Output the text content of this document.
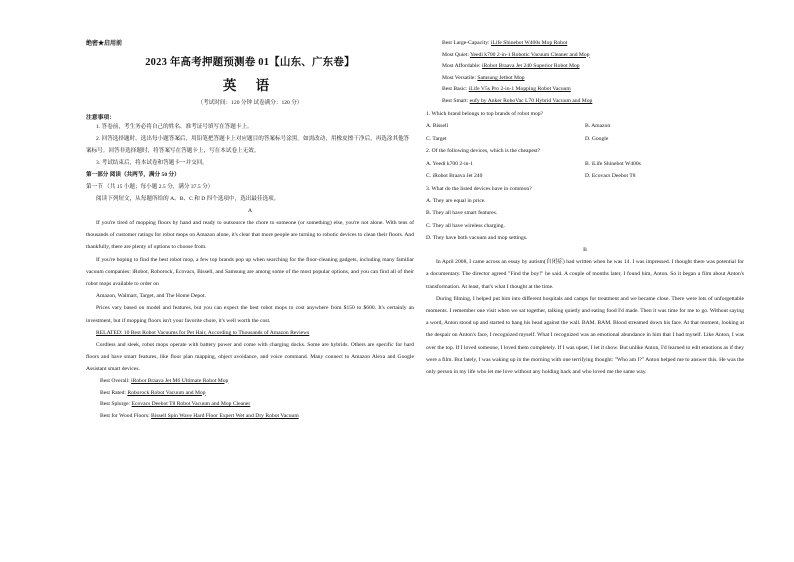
绝密★启用前
2023 年高考押题预测卷 01【山东、广东卷】
英 语
（考试时间：120 分钟 试卷满分：120 分）
注意事项：
1. 答卷前，考生务必将自己的姓名、准考证号填写在答题卡上。
2. 回答选择题时，选出每小题答案后，用铅笔把答题卡上对应题目的答案标号涂黑。如需改动，用橡皮擦干净后，再选涂其他答案标号。回答非选择题时，将答案写在答题卡上，写在本试卷上无效。
3. 考试结束后，将本试卷和答题卡一并交回。
第一部分 阅读（共两节，满分 50 分）
第一节 （共 15 小题；每小题 2.5 分，满分 37.5 分）
阅读下列短文，从每题所给的 A、B、C 和 D 四个选项中，选出最佳选项。
A
If you're tired of mopping floors by hand and ready to outsource the chore to someone (or something) else, you're not alone. With tens of thousands of customer ratings for robot mops on Amazon alone, it's clear that more people are turning to robotic devices to clean their floors. And thankfully, there are plenty of options to choose from.
If you're hoping to find the best robot mop, a few top brands pop up when searching for the floor-cleaning gadgets, including many familiar vacuum companies: iRobot, Roborock, Ecovacs, Bissell, and Samsung are among some of the most popular options, and you can find all of their robot mops available to order on
Amazon, Walmart, Target, and The Home Depot.
Prices vary based on model and features, but you can expect the best robot mops to cost anywhere from $150 to $600. It's certainly an investment, but if mopping floors isn't your favorite chore, it's well worth the cost.
RELATED: 10 Best Robot Vacuums for Pet Hair, According to Thousands of Amazon Reviews
Cordless and sleek, robot mops operate with battery power and come with charging docks. Some are hybrids. Others are specific for hard floors and have smart features, like floor plan mapping, object avoidance, and voice command. Many connect to Amazon Alexa and Google Assistant smart devices.
Best Overall: iRobot Braava Jet M6 Ultimate Robot Mop
Best Rated: Roborock Robot Vacuum and Mop
Best Splurge: Ecovacs Deebot T8 Robot Vacuum and Mop Cleaner
Best for Wood Floors: Bissell Spin Wave Hard Floor Expert Wet and Dry Robot Vacuum
Best Large-Capacity: iLife Shinebot W400s Mop Robot
Most Quiet: Yeedi k700 2-in-1 Robotic Vacuum Cleaner and Mop
Most Affordable: iRobot Braava Jet 240 Superior Robot Mop
Most Versatile: Samsung Jetbot Mop
Best Basic: iLife V5s Pro 2-in-1 Mopping Robot Vacuum
Best Smart: eufy by Anker RoboVac L70 Hybrid Vacuum and Mop
1. Which brand belongs to top brands of robot mop?
A. Bissell	B. Amazon
C. Target	D. Google
2. Of the following devices, which is the cheapest?
A. Yeedi k700 2-in-1	B. iLife Shinebot W400s
C. iRobot Braava Jet 240	D. Ecovacs Deebot T8
3. What do the listed devices have in common?
A. They are equal in price.
B. They all have smart features.
C. They all have wireless charging.
D. They have both vacuum and mop settings.
B
In April 2008, I came across an essay by autism(自闭症) had written when he was 14. I was impressed. I thought there was potential for a documentary. The director agreed "Find the boy!" he said. A couple of months later, I found him, Anton. So it began a film about Anton's transformation. At least, that's what I thought at the time.
During filming, I helped put him into different hospitals and camps for treatment and we became close. There were lots of unforgettable moments. I remember one visit when we sat together, talking quietly and eating food I'd made. Then it was time for me to go. Without saying a word, Anton stood up and started to bang his head against the wall. BAM. BAM. Blood streamed down his face. At that moment, looking at the despair on Anton's face, I recognized myself. What I recognized was an emotional abundance in him that I had myself. Like Anton, I was over the top. If I loved someone, I loved them completely. If I was upset, I let it show. But unlike Anton, I'd learned to edit emotions as if they were a film. But lately, I was waking up in the morning with one terrifying thought: "Who am I?" Anton helped me to answer this. He was the only person in my life who let me love without any holding back and who loved me the same way.
